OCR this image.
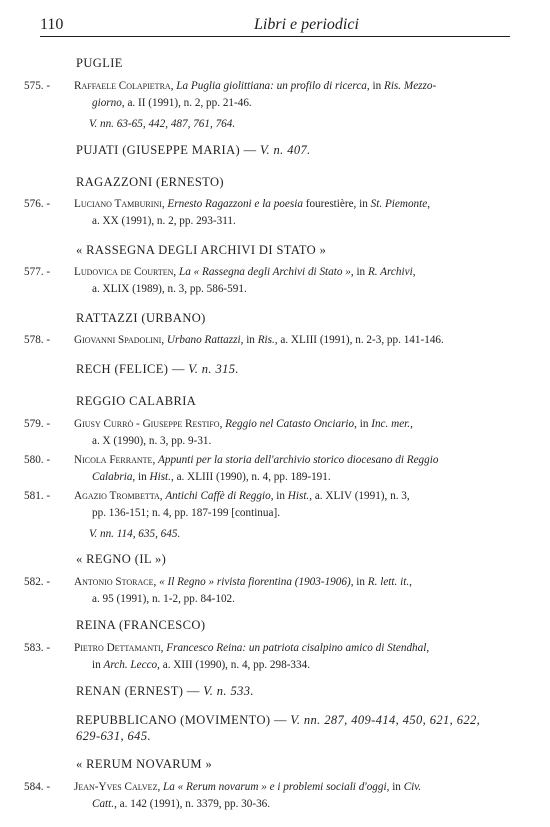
110	Libri e periodici
PUGLIE
575. - Raffaele Colapietra, La Puglia giolittiana: un profilo di ricerca, in Ris. Mezzo-
giorno, a. II (1991), n. 2, pp. 21-46.
V. nn. 63-65, 442, 487, 761, 764.
PUJATI (GIUSEPPE MARIA) — V. n. 407.
RAGAZZONI (ERNESTO)
576. - Luciano Tamburini, Ernesto Ragazzoni e la poesia fourestière, in St. Piemonte,
a. XX (1991), n. 2, pp. 293-311.
« RASSEGNA DEGLI ARCHIVI DI STATO »
577. - Ludovica de Courten, La « Rassegna degli Archivi di Stato », in R. Archivi,
a. XLIX (1989), n. 3, pp. 586-591.
RATTAZZI (URBANO)
578. - Giovanni Spadolini, Urbano Rattazzi, in Ris., a. XLIII (1991), n. 2-3, pp. 141-146.
RECH (FELICE) — V. n. 315.
REGGIO CALABRIA
579. - Giusy Currò - Giuseppe Restifo, Reggio nel Catasto Onciario, in Inc. mer.,
a. X (1990), n. 3, pp. 9-31.
580. - Nicola Ferrante, Appunti per la storia dell'archivio storico diocesano di Reggio
Calabria, in Hist., a. XLIII (1990), n. 4, pp. 189-191.
581. - Agazio Trombetta, Antichi Caffè di Reggio, in Hist., a. XLIV (1991), n. 3,
pp. 136-151; n. 4, pp. 187-199 [continua].
V. nn. 114, 635, 645.
« REGNO (IL »)
582. - Antonio Storace, « Il Regno » rivista fiorentina (1903-1906), in R. lett. it.,
a. 95 (1991), n. 1-2, pp. 84-102.
REINA (FRANCESCO)
583. - Pietro Dettamanti, Francesco Reina: un patriota cisalpino amico di Stendhal,
in Arch. Lecco, a. XIII (1990), n. 4, pp. 298-334.
RENAN (ERNEST) — V. n. 533.
REPUBBLICANO (MOVIMENTO) — V. nn. 287, 409-414, 450, 621, 622,
629-631, 645.
« RERUM NOVARUM »
584. - Jean-Yves Calvez, La « Rerum novarum » e i problemi sociali d'oggi, in Civ.
Catt., a. 142 (1991), n. 3379, pp. 30-36.
